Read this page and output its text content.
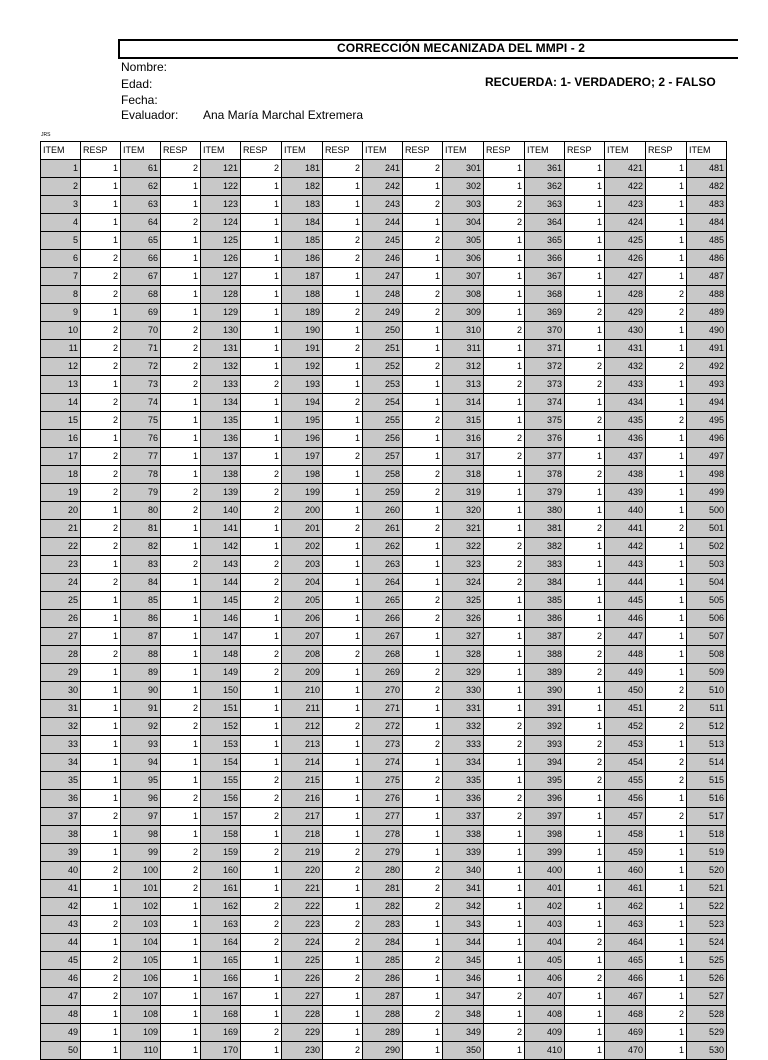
CORRECCIÓN MECANIZADA DEL MMPI - 2
Nombre:
Edad:
Fecha:
Evaluador: Ana María Marchal Extremera
RECUERDA: 1- VERDADERO; 2 - FALSO
JRS
ITEM	RESP	ITEM	RESP	ITEM	RESP	ITEM	RESP	ITEM	RESP	ITEM	RESP	ITEM	RESP	ITEM	RESP	ITEM
1	1	61	2	121	2	181	2	241	2	301	1	361	1	421	1	481
2	1	62	1	122	1	182	1	242	1	302	1	362	1	422	1	482
3	1	63	1	123	1	183	1	243	2	303	2	363	1	423	1	483
4	1	64	2	124	1	184	1	244	1	304	2	364	1	424	1	484
5	1	65	1	125	1	185	2	245	2	305	1	365	1	425	1	485
6	2	66	1	126	1	186	2	246	1	306	1	366	1	426	1	486
7	2	67	1	127	1	187	1	247	1	307	1	367	1	427	1	487
8	2	68	1	128	1	188	1	248	2	308	1	368	1	428	2	488
9	1	69	1	129	1	189	2	249	2	309	1	369	2	429	2	489
10	2	70	2	130	1	190	1	250	1	310	2	370	1	430	1	490
11	2	71	2	131	1	191	2	251	1	311	1	371	1	431	1	491
12	2	72	2	132	1	192	1	252	2	312	1	372	2	432	2	492
13	1	73	2	133	2	193	1	253	1	313	2	373	2	433	1	493
14	2	74	1	134	1	194	2	254	1	314	1	374	1	434	1	494
15	2	75	1	135	1	195	1	255	2	315	1	375	2	435	2	495
16	1	76	1	136	1	196	1	256	1	316	2	376	1	436	1	496
17	2	77	1	137	1	197	2	257	1	317	2	377	1	437	1	497
18	2	78	1	138	2	198	1	258	2	318	1	378	2	438	1	498
19	2	79	2	139	2	199	1	259	2	319	1	379	1	439	1	499
20	1	80	2	140	2	200	1	260	1	320	1	380	1	440	1	500
21	2	81	1	141	1	201	2	261	2	321	1	381	2	441	2	501
22	2	82	1	142	1	202	1	262	1	322	2	382	1	442	1	502
23	1	83	2	143	2	203	1	263	1	323	2	383	1	443	1	503
24	2	84	1	144	2	204	1	264	1	324	2	384	1	444	1	504
25	1	85	1	145	2	205	1	265	2	325	1	385	1	445	1	505
26	1	86	1	146	1	206	1	266	2	326	1	386	1	446	1	506
27	1	87	1	147	1	207	1	267	1	327	1	387	2	447	1	507
28	2	88	1	148	2	208	2	268	1	328	1	388	2	448	1	508
29	1	89	1	149	2	209	1	269	2	329	1	389	2	449	1	509
30	1	90	1	150	1	210	1	270	2	330	1	390	1	450	2	510
31	1	91	2	151	1	211	1	271	1	331	1	391	1	451	2	511
32	1	92	2	152	1	212	2	272	1	332	2	392	1	452	2	512
33	1	93	1	153	1	213	1	273	2	333	2	393	2	453	1	513
34	1	94	1	154	1	214	1	274	1	334	1	394	2	454	2	514
35	1	95	1	155	2	215	1	275	2	335	1	395	2	455	2	515
36	1	96	2	156	2	216	1	276	1	336	2	396	1	456	1	516
37	2	97	1	157	2	217	1	277	1	337	2	397	1	457	2	517
38	1	98	1	158	1	218	1	278	1	338	1	398	1	458	1	518
39	1	99	2	159	2	219	2	279	1	339	1	399	1	459	1	519
40	2	100	2	160	1	220	2	280	2	340	1	400	1	460	1	520
41	1	101	2	161	1	221	1	281	2	341	1	401	1	461	1	521
42	1	102	1	162	2	222	1	282	2	342	1	402	1	462	1	522
43	2	103	1	163	2	223	2	283	1	343	1	403	1	463	1	523
44	1	104	1	164	2	224	2	284	1	344	1	404	2	464	1	524
45	2	105	1	165	1	225	1	285	2	345	1	405	1	465	1	525
46	2	106	1	166	1	226	2	286	1	346	1	406	2	466	1	526
47	2	107	1	167	1	227	1	287	1	347	2	407	1	467	1	527
48	1	108	1	168	1	228	1	288	2	348	1	408	1	468	2	528
49	1	109	1	169	2	229	1	289	1	349	2	409	1	469	1	529
50	1	110	1	170	1	230	2	290	1	350	1	410	1	470	1	530
